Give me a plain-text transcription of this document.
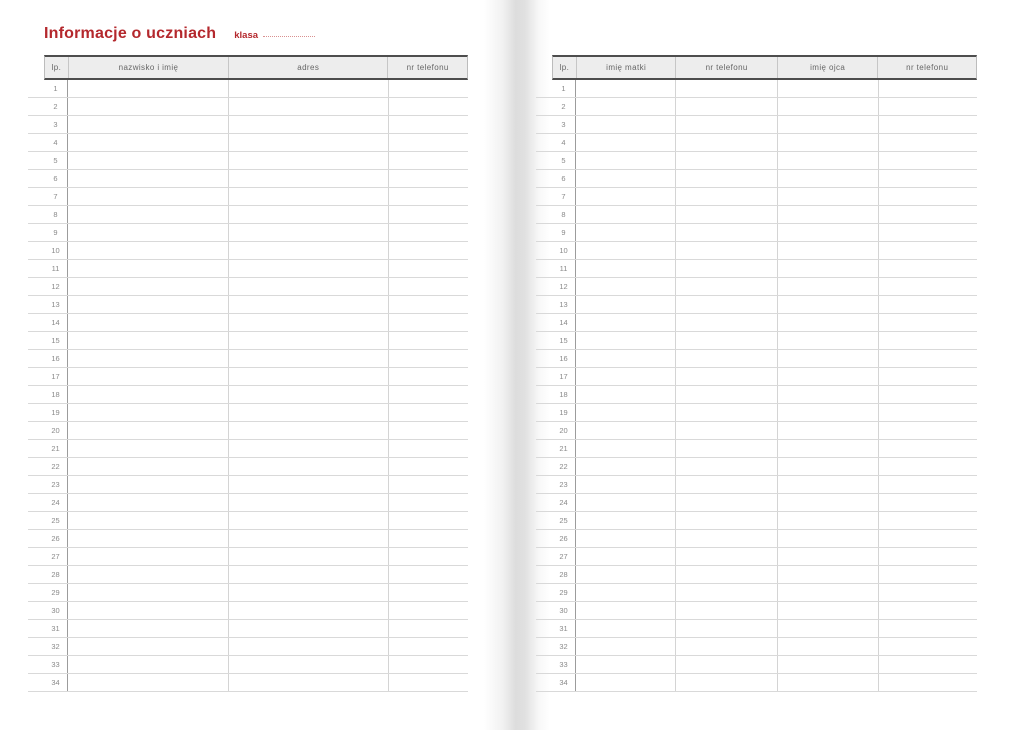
Informacje o uczniach klasa
lp.	nazwisko i imię	adres	nr telefonu
1
2
3
4
5
6
7
8
9
10
11
12
13
14
15
16
17
18
19
20
21
22
23
24
25
26
27
28
29
30
31
32
33
34
lp.	imię matki	nr telefonu	imię ojca	nr telefonu
1
2
3
4
5
6
7
8
9
10
11
12
13
14
15
16
17
18
19
20
21
22
23
24
25
26
27
28
29
30
31
32
33
34
